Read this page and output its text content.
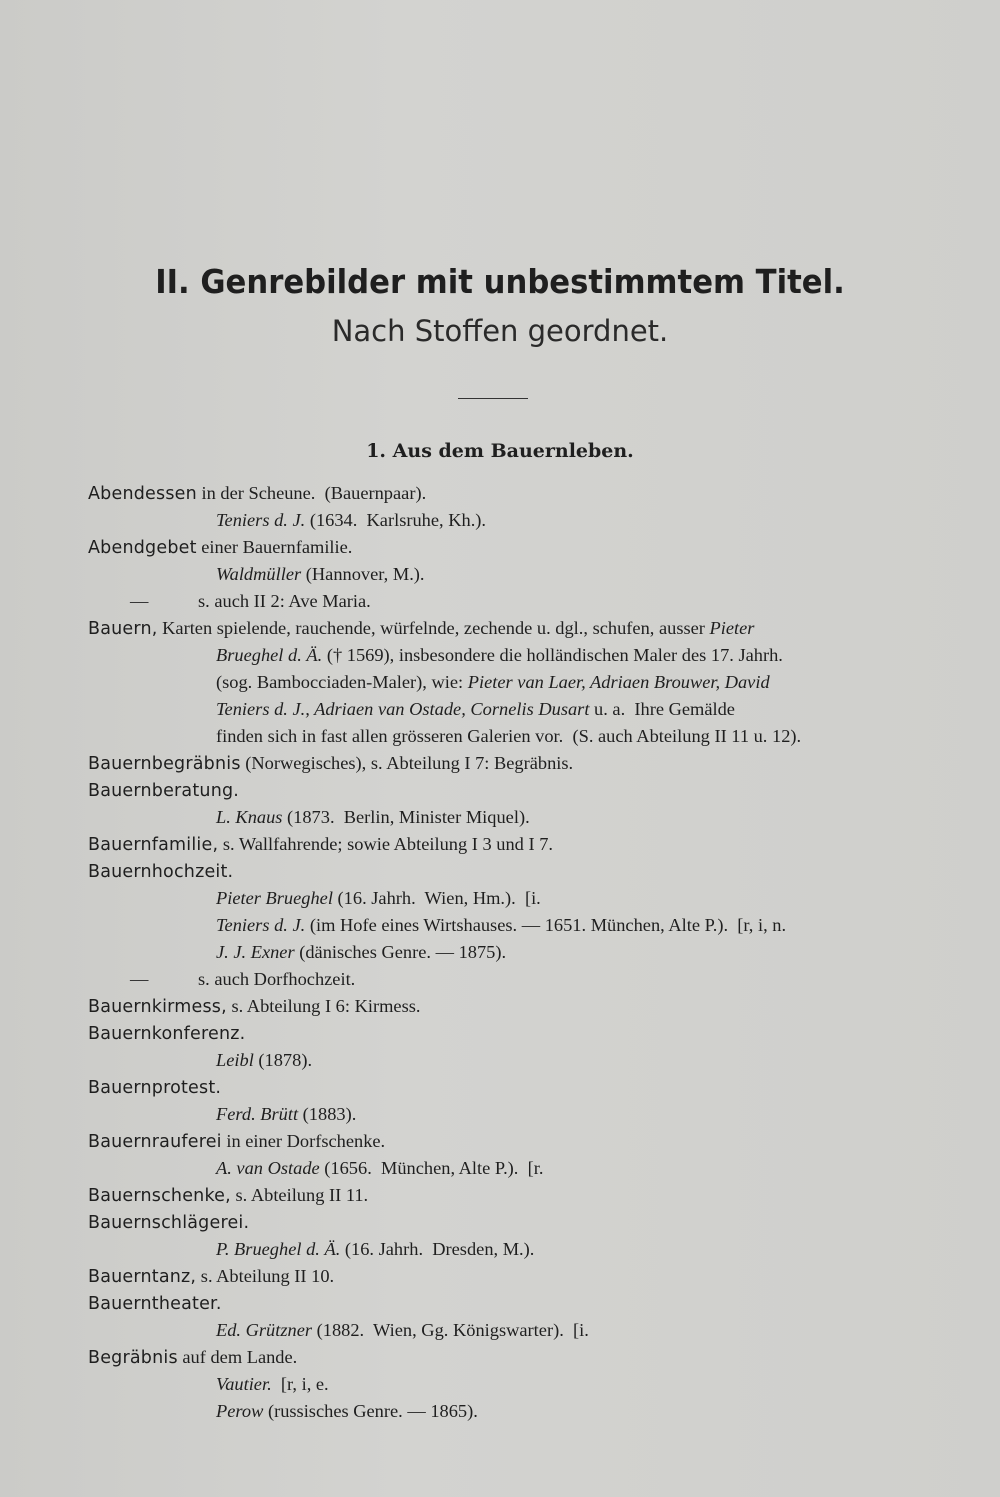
II. Genrebilder mit unbestimmtem Titel.
Nach Stoffen geordnet.
1. Aus dem Bauernleben.
Abendessen in der Scheune.  (Bauernpaar).
Teniers d. J. (1634.  Karlsruhe, Kh.).
Abendgebet einer Bauernfamilie.
Waldmüller (Hannover, M.).
—	s. auch II 2: Ave Maria.
Bauern, Karten spielende, rauchende, würfelnde, zechende u. dgl., schufen, ausser Pieter
Brueghel d. Ä. († 1569), insbesondere die holländischen Maler des 17. Jahrh.
(sog. Bambocciaden-Maler), wie: Pieter van Laer, Adriaen Brouwer, David
Teniers d. J., Adriaen van Ostade, Cornelis Dusart u. a.  Ihre Gemälde
finden sich in fast allen grösseren Galerien vor.  (S. auch Abteilung II 11 u. 12).
Bauernbegräbnis (Norwegisches), s. Abteilung I 7: Begräbnis.
Bauernberatung.
L. Knaus (1873.  Berlin, Minister Miquel).
Bauernfamilie, s. Wallfahrende; sowie Abteilung I 3 und I 7.
Bauernhochzeit.
Pieter Brueghel (16. Jahrh.  Wien, Hm.).  [i.
Teniers d. J. (im Hofe eines Wirtshauses. — 1651. München, Alte P.).  [r, i, n.
J. J. Exner (dänisches Genre. — 1875).
—	s. auch Dorfhochzeit.
Bauernkirmess, s. Abteilung I 6: Kirmess.
Bauernkonferenz.
Leibl (1878).
Bauernprotest.
Ferd. Brütt (1883).
Bauernrauferei in einer Dorfschenke.
A. van Ostade (1656.  München, Alte P.).  [r.
Bauernschenke, s. Abteilung II 11.
Bauernschlägerei.
P. Brueghel d. Ä. (16. Jahrh.  Dresden, M.).
Bauerntanz, s. Abteilung II 10.
Bauerntheater.
Ed. Grützner (1882.  Wien, Gg. Königswarter).  [i.
Begräbnis auf dem Lande.
Vautier.  [r, i, e.
Perow (russisches Genre. — 1865).
